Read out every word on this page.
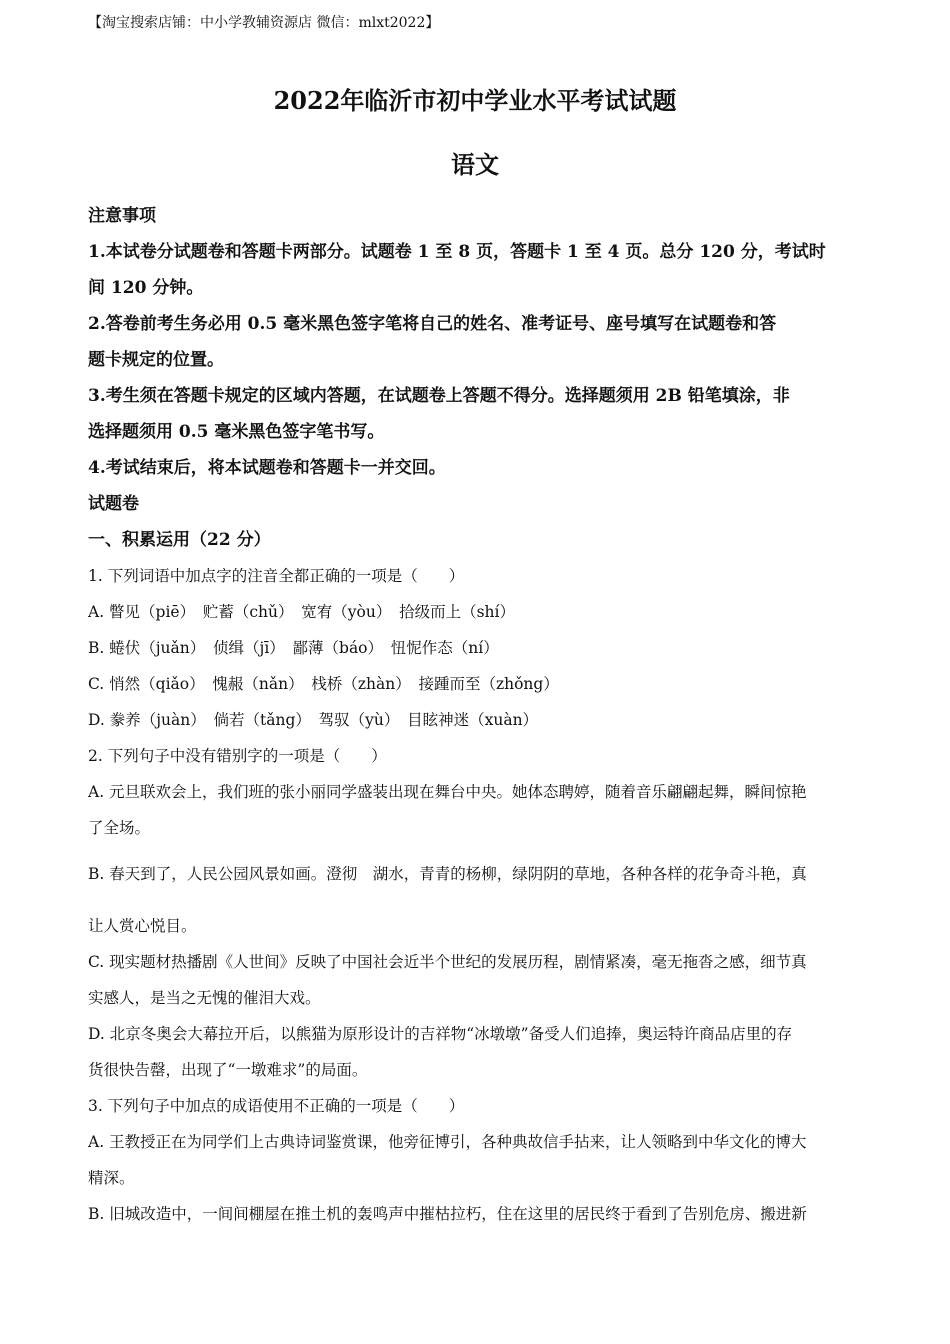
【淘宝搜索店铺：中小学教辅资源店 微信：mlxt2022】
2022年临沂市初中学业水平考试试题
语文
注意事项
1.本试卷分试题卷和答题卡两部分。试题卷 1 至 8 页，答题卡 1 至 4 页。总分 120 分，考试时
间 120 分钟。
2.答卷前考生务必用 0.5 毫米黑色签字笔将自己的姓名、准考证号、座号填写在试题卷和答
题卡规定的位置。
3.考生须在答题卡规定的区域内答题，在试题卷上答题不得分。选择题须用 2B 铅笔填涂，非
选择题须用 0.5 毫米黑色签字笔书写。
4.考试结束后，将本试题卷和答题卡一并交回。
试题卷
一、积累运用（22 分）
1. 下列词语中加点字的注音全都正确的一项是（　　）
A. 瞥见（piē）　贮蓄（chǔ）　宽宥（yòu）　拾级而上（shí）
B. 蜷伏（juǎn）　侦缉（jī）　鄙薄（báo）　忸怩作态（ní）
C. 悄然（qiǎo）　愧赧（nǎn）　栈桥（zhàn）　接踵而至（zhǒng）
D. 豢养（juàn）　倘若（tǎng）　驾驭（yù）　目眩神迷（xuàn）
2. 下列句子中没有错别字的一项是（　　）
A. 元旦联欢会上，我们班的张小丽同学盛装出现在舞台中央。她体态聘婷，随着音乐翩翩起舞，瞬间惊艳
了全场。
B. 春天到了，人民公园风景如画。澄彻　湖水，青青的杨柳，绿阴阴的草地，各种各样的花争奇斗艳，真
让人赏心悦目。
C. 现实题材热播剧《人世间》反映了中国社会近半个世纪的发展历程，剧情紧凑，毫无拖沓之感，细节真
实感人，是当之无愧的催泪大戏。
D. 北京冬奥会大幕拉开后，以熊猫为原形设计的吉祥物“冰墩墩”备受人们追捧，奥运特许商品店里的存
货很快告罄，出现了“一墩难求”的局面。
3. 下列句子中加点的成语使用不正确的一项是（　　）
A. 王教授正在为同学们上古典诗词鉴赏课，他旁征博引，各种典故信手拈来，让人领略到中华文化的博大
精深。
B. 旧城改造中，一间间棚屋在推土机的轰鸣声中摧枯拉朽，住在这里的居民终于看到了告别危房、搬进新
